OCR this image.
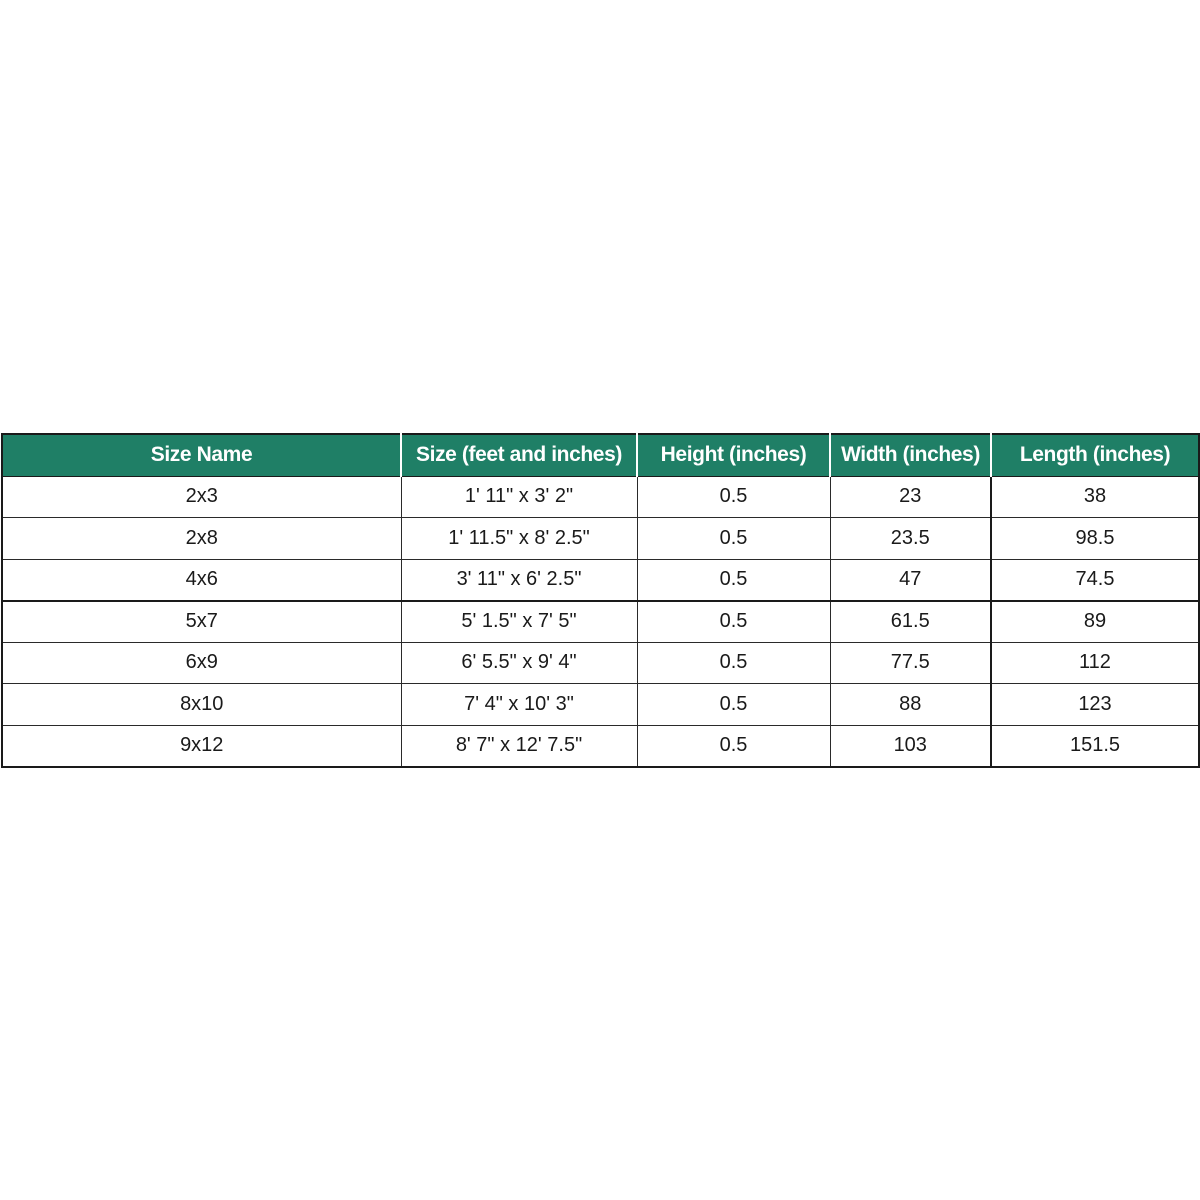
Size Name	Size (feet and inches)	Height (inches)	Width (inches)	Length (inches)
2x3	1' 11" x 3' 2"	0.5	23	38
2x8	1' 11.5" x 8' 2.5"	0.5	23.5	98.5
4x6	3' 11" x 6' 2.5"	0.5	47	74.5
5x7	5' 1.5" x 7' 5"	0.5	61.5	89
6x9	6' 5.5" x 9' 4"	0.5	77.5	112
8x10	7' 4" x 10' 3"	0.5	88	123
9x12	8' 7" x 12' 7.5"	0.5	103	151.5
